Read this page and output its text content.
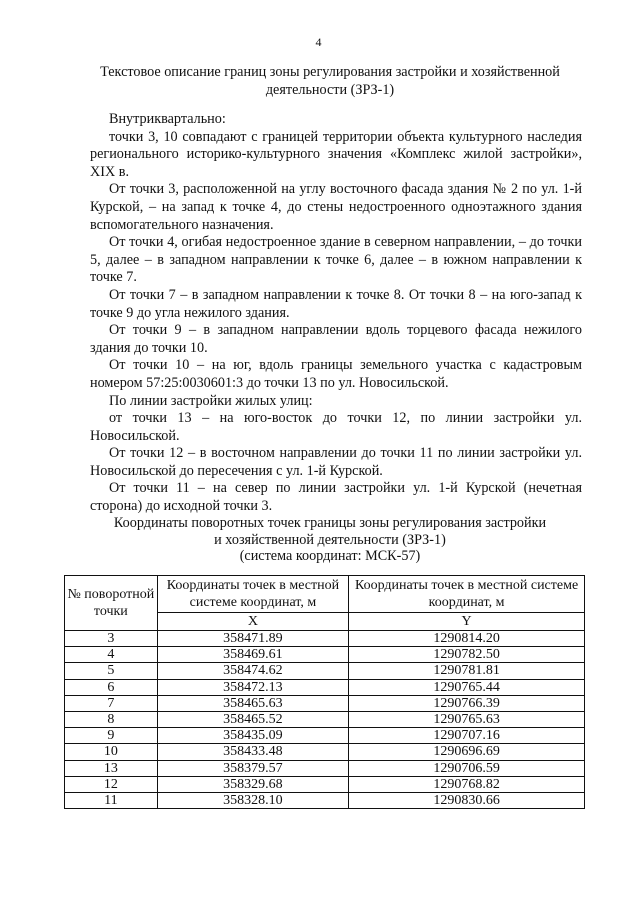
4

Текстовое описание границ зоны регулирования застройки и хозяйственной деятельности (ЗРЗ-1)

Внутриквартально:

точки 3, 10 совпадают с границей территории объекта культурного наследия регионального историко-культурного значения «Комплекс жилой застройки», XIX в.

От точки 3, расположенной на углу восточного фасада здания № 2 по ул. 1-й Курской, – на запад к точке 4, до стены недостроенного одноэтажного здания вспомогательного назначения.

От точки 4, огибая недостроенное здание в северном направлении, – до точки 5, далее – в западном направлении к точке 6, далее – в южном направлении к точке 7.

От точки 7 – в западном направлении к точке 8. От точки 8 – на юго-запад к точке 9 до угла нежилого здания.

От точки 9 – в западном направлении вдоль торцевого фасада нежилого здания до точки 10.

От точки 10 – на юг, вдоль границы земельного участка с кадастровым номером 57:25:0030601:3 до точки 13 по ул. Новосильской.

По линии застройки жилых улиц:

от точки 13 – на юго-восток до точки 12, по линии застройки ул. Новосильской.

От точки 12 – в восточном направлении до точки 11 по линии застройки ул. Новосильской до пересечения с ул. 1-й Курской.

От точки 11 – на север по линии застройки ул. 1-й Курской (нечетная сторона) до исходной точки 3.

Координаты поворотных точек границы зоны регулирования застройки
и хозяйственной деятельности (ЗРЗ-1)
(система координат: МСК-57)
№ поворотной точки	Координаты точек в местной системе координат, м	Координаты точек в местной системе координат, м
	X	Y
3	358471.89	1290814.20
4	358469.61	1290782.50
5	358474.62	1290781.81
6	358472.13	1290765.44
7	358465.63	1290766.39
8	358465.52	1290765.63
9	358435.09	1290707.16
10	358433.48	1290696.69
13	358379.57	1290706.59
12	358329.68	1290768.82
11	358328.10	1290830.66
